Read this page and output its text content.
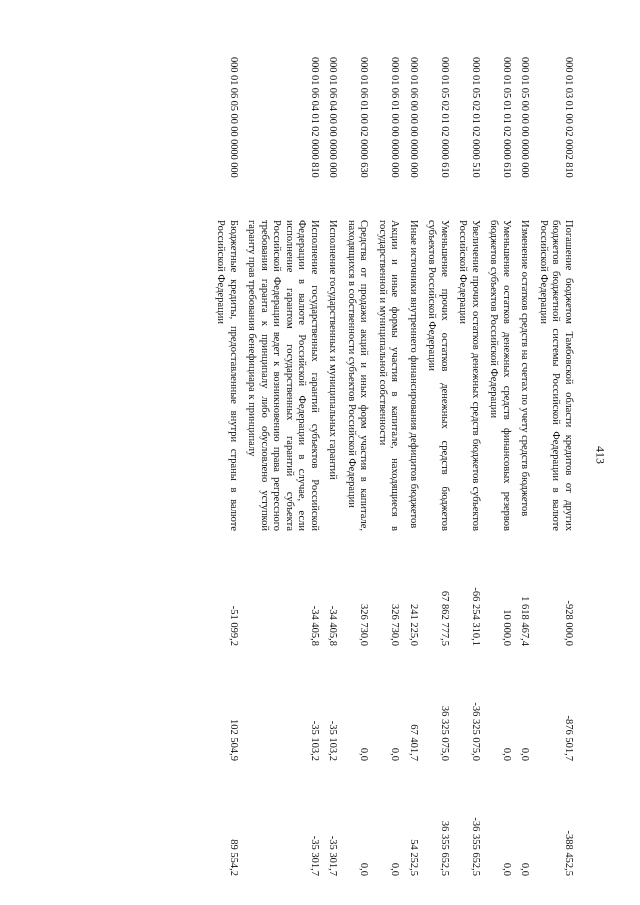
413
000 01 03 01 00 02 0002 810	Погашение бюджетом Тамбовской области кредитов от других бюджетов бюджетной системы Российской Федерации в валюте Российской Федерации	-928 000,0	-876 501,7	-388 452,5
000 01 05 00 00 00 0000 000	Изменение остатков средств на счетах по учету средств бюджетов	1 618 467,4	0,0	0,0
000 01 05 01 01 02 0000 610	Уменьшение остатков денежных средств финансовых резервов бюджетов субъектов Российской Федерации	10 000,0	0,0	0,0
000 01 05 02 01 02 0000 510	Увеличение прочих остатков денежных средств бюджетов субъектов Российской Федерации	-66 254 310,1	-36 325 075,0	-36 355 652,5
000 01 05 02 01 02 0000 610	Уменьшение прочих остатков денежных средств бюджетов субъектов Российской Федерации	67 862 777,5	36 325 075,0	36 355 652,5
000 01 06 00 00 00 0000 000	Иные источники внутреннего финансирования дефицитов бюджетов	241 225,0	67 401,7	54 252,5
000 01 06 01 00 00 0000 000	Акции и иные формы участия в капитале, находящиеся в государственной и муниципальной собственности	326 730,0	0,0	0,0
000 01 06 01 00 02 0000 630	Средства от продажи акций и иных форм участия в капитале, находящихся в собственности субъектов Российской Федерации	326 730,0	0,0	0,0
000 01 06 04 00 00 0000 000	Исполнение государственных и муниципальных гарантий	-34 405,8	-35 103,2	-35 301,7
000 01 06 04 01 02 0000 810	Исполнение государственных гарантий субъектов Российской Федерации в валюте Российской Федерации в случае, если исполнение гарантом государственных гарантий субъекта Российской Федерации ведет к возникновению права регрессного требования гаранта к принципалу либо обусловлено уступкой гаранту прав требования бенефициара к принципалу	-34 405,8	-35 103,2	-35 301,7
000 01 06 05 00 00 0000 000	Бюджетные кредиты, предоставленные внутри страны в валюте Российской Федерации	-51 099,2	102 504,9	89 554,2
